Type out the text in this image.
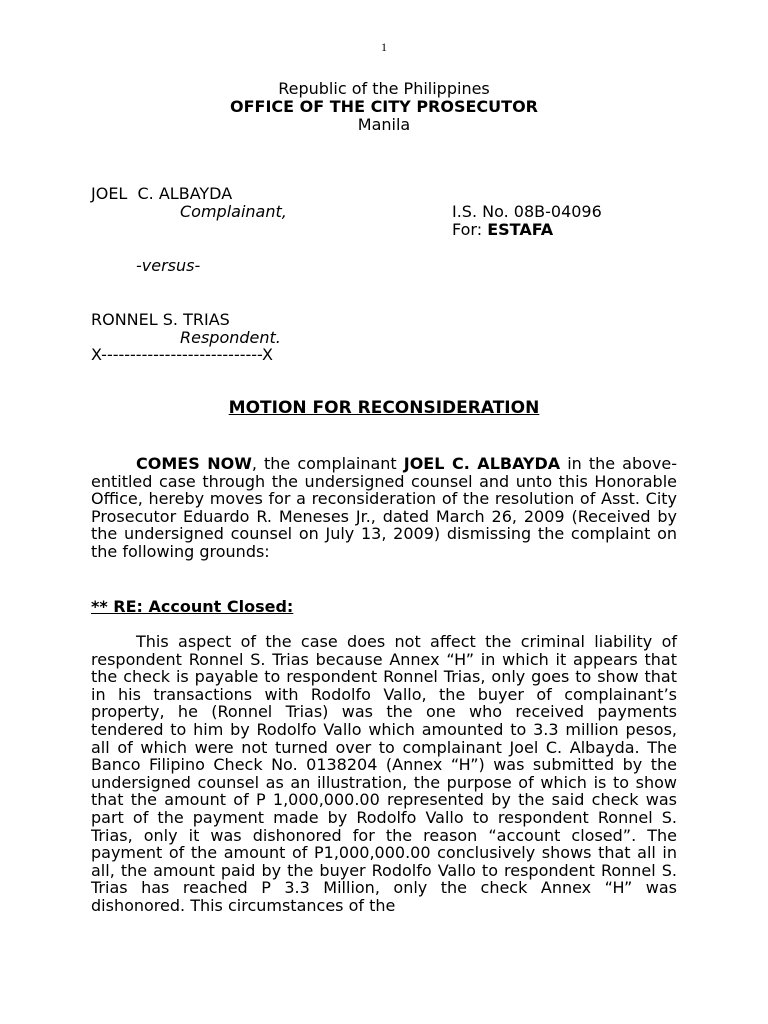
1
Republic of the Philippines
OFFICE OF THE CITY PROSECUTOR
Manila
JOEL  C. ALBAYDA
Complainant,	I.S. No. 08B-04096
For: ESTAFA
-versus-
RONNEL S. TRIAS
Respondent.
X----------------------------X
MOTION FOR RECONSIDERATION

COMES NOW, the complainant JOEL C. ALBAYDA in the above-entitled case through the undersigned counsel and unto this Honorable Office, hereby moves for a reconsideration of the resolution of Asst. City Prosecutor Eduardo R. Meneses Jr., dated March 26, 2009 (Received by the undersigned counsel on July 13, 2009) dismissing the complaint on the following grounds:

** RE: Account Closed:

This aspect of the case does not affect the criminal liability of respondent Ronnel S. Trias because Annex “H” in which it appears that the check is payable to respondent Ronnel Trias, only goes to show that in his transactions with Rodolfo Vallo, the buyer of complainant’s property, he (Ronnel Trias) was the one who received payments tendered to him by Rodolfo Vallo which amounted to 3.3 million pesos, all of which were not turned over to complainant Joel C. Albayda. The Banco Filipino Check No. 0138204 (Annex “H”) was submitted by the undersigned counsel as an illustration, the purpose of which is to show that the amount of P 1,000,000.00 represented by the said check was part of the payment made by Rodolfo Vallo to respondent Ronnel S. Trias, only it was dishonored for the reason “account closed”. The payment of the amount of P1,000,000.00 conclusively shows that all in all, the amount paid by the buyer Rodolfo Vallo to respondent Ronnel S. Trias has reached P 3.3 Million, only the check Annex “H” was dishonored. This circumstances of the
